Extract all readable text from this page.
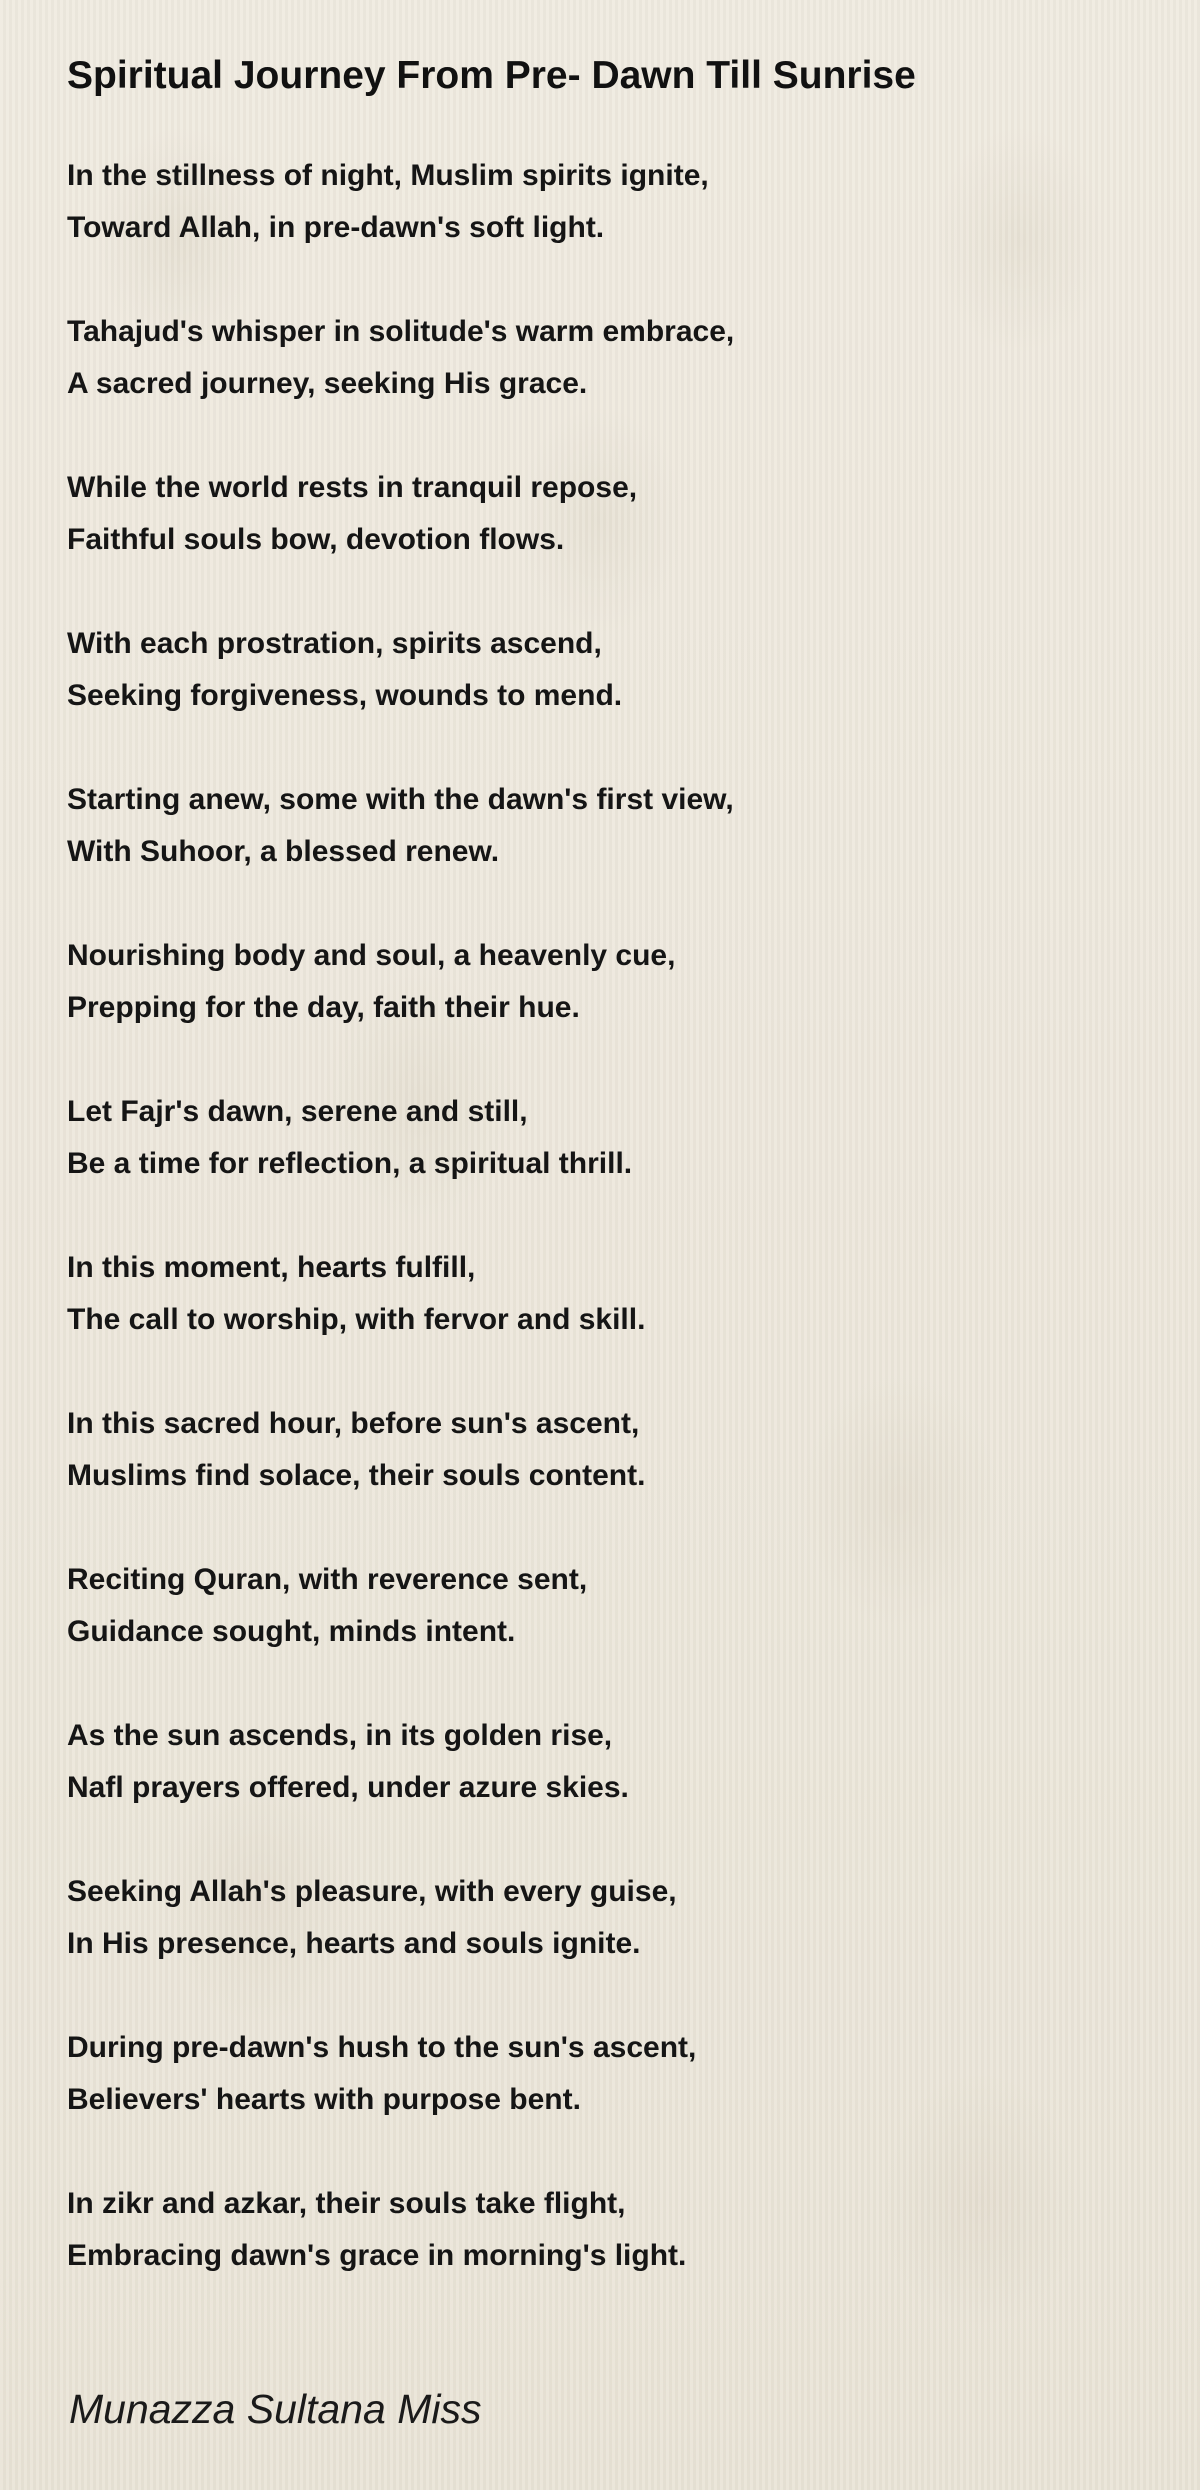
Spiritual Journey From Pre- Dawn Till Sunrise
In the stillness of night, Muslim spirits ignite,
Toward Allah, in pre-dawn's soft light.
Tahajud's whisper in solitude's warm embrace,
A sacred journey, seeking His grace.
While the world rests in tranquil repose,
Faithful souls bow, devotion flows.
With each prostration, spirits ascend,
Seeking forgiveness, wounds to mend.
Starting anew, some with the dawn's first view,
With Suhoor, a blessed renew.
Nourishing body and soul, a heavenly cue,
Prepping for the day, faith their hue.
Let Fajr's dawn, serene and still,
Be a time for reflection, a spiritual thrill.
In this moment, hearts fulfill,
The call to worship, with fervor and skill.
In this sacred hour, before sun's ascent,
Muslims find solace, their souls content.
Reciting Quran, with reverence sent,
Guidance sought, minds intent.
As the sun ascends, in its golden rise,
Nafl prayers offered, under azure skies.
Seeking Allah's pleasure, with every guise,
In His presence, hearts and souls ignite.
During pre-dawn's hush to the sun's ascent,
Believers' hearts with purpose bent.
In zikr and azkar, their souls take flight,
Embracing dawn's grace in morning's light.
Munazza Sultana Miss
